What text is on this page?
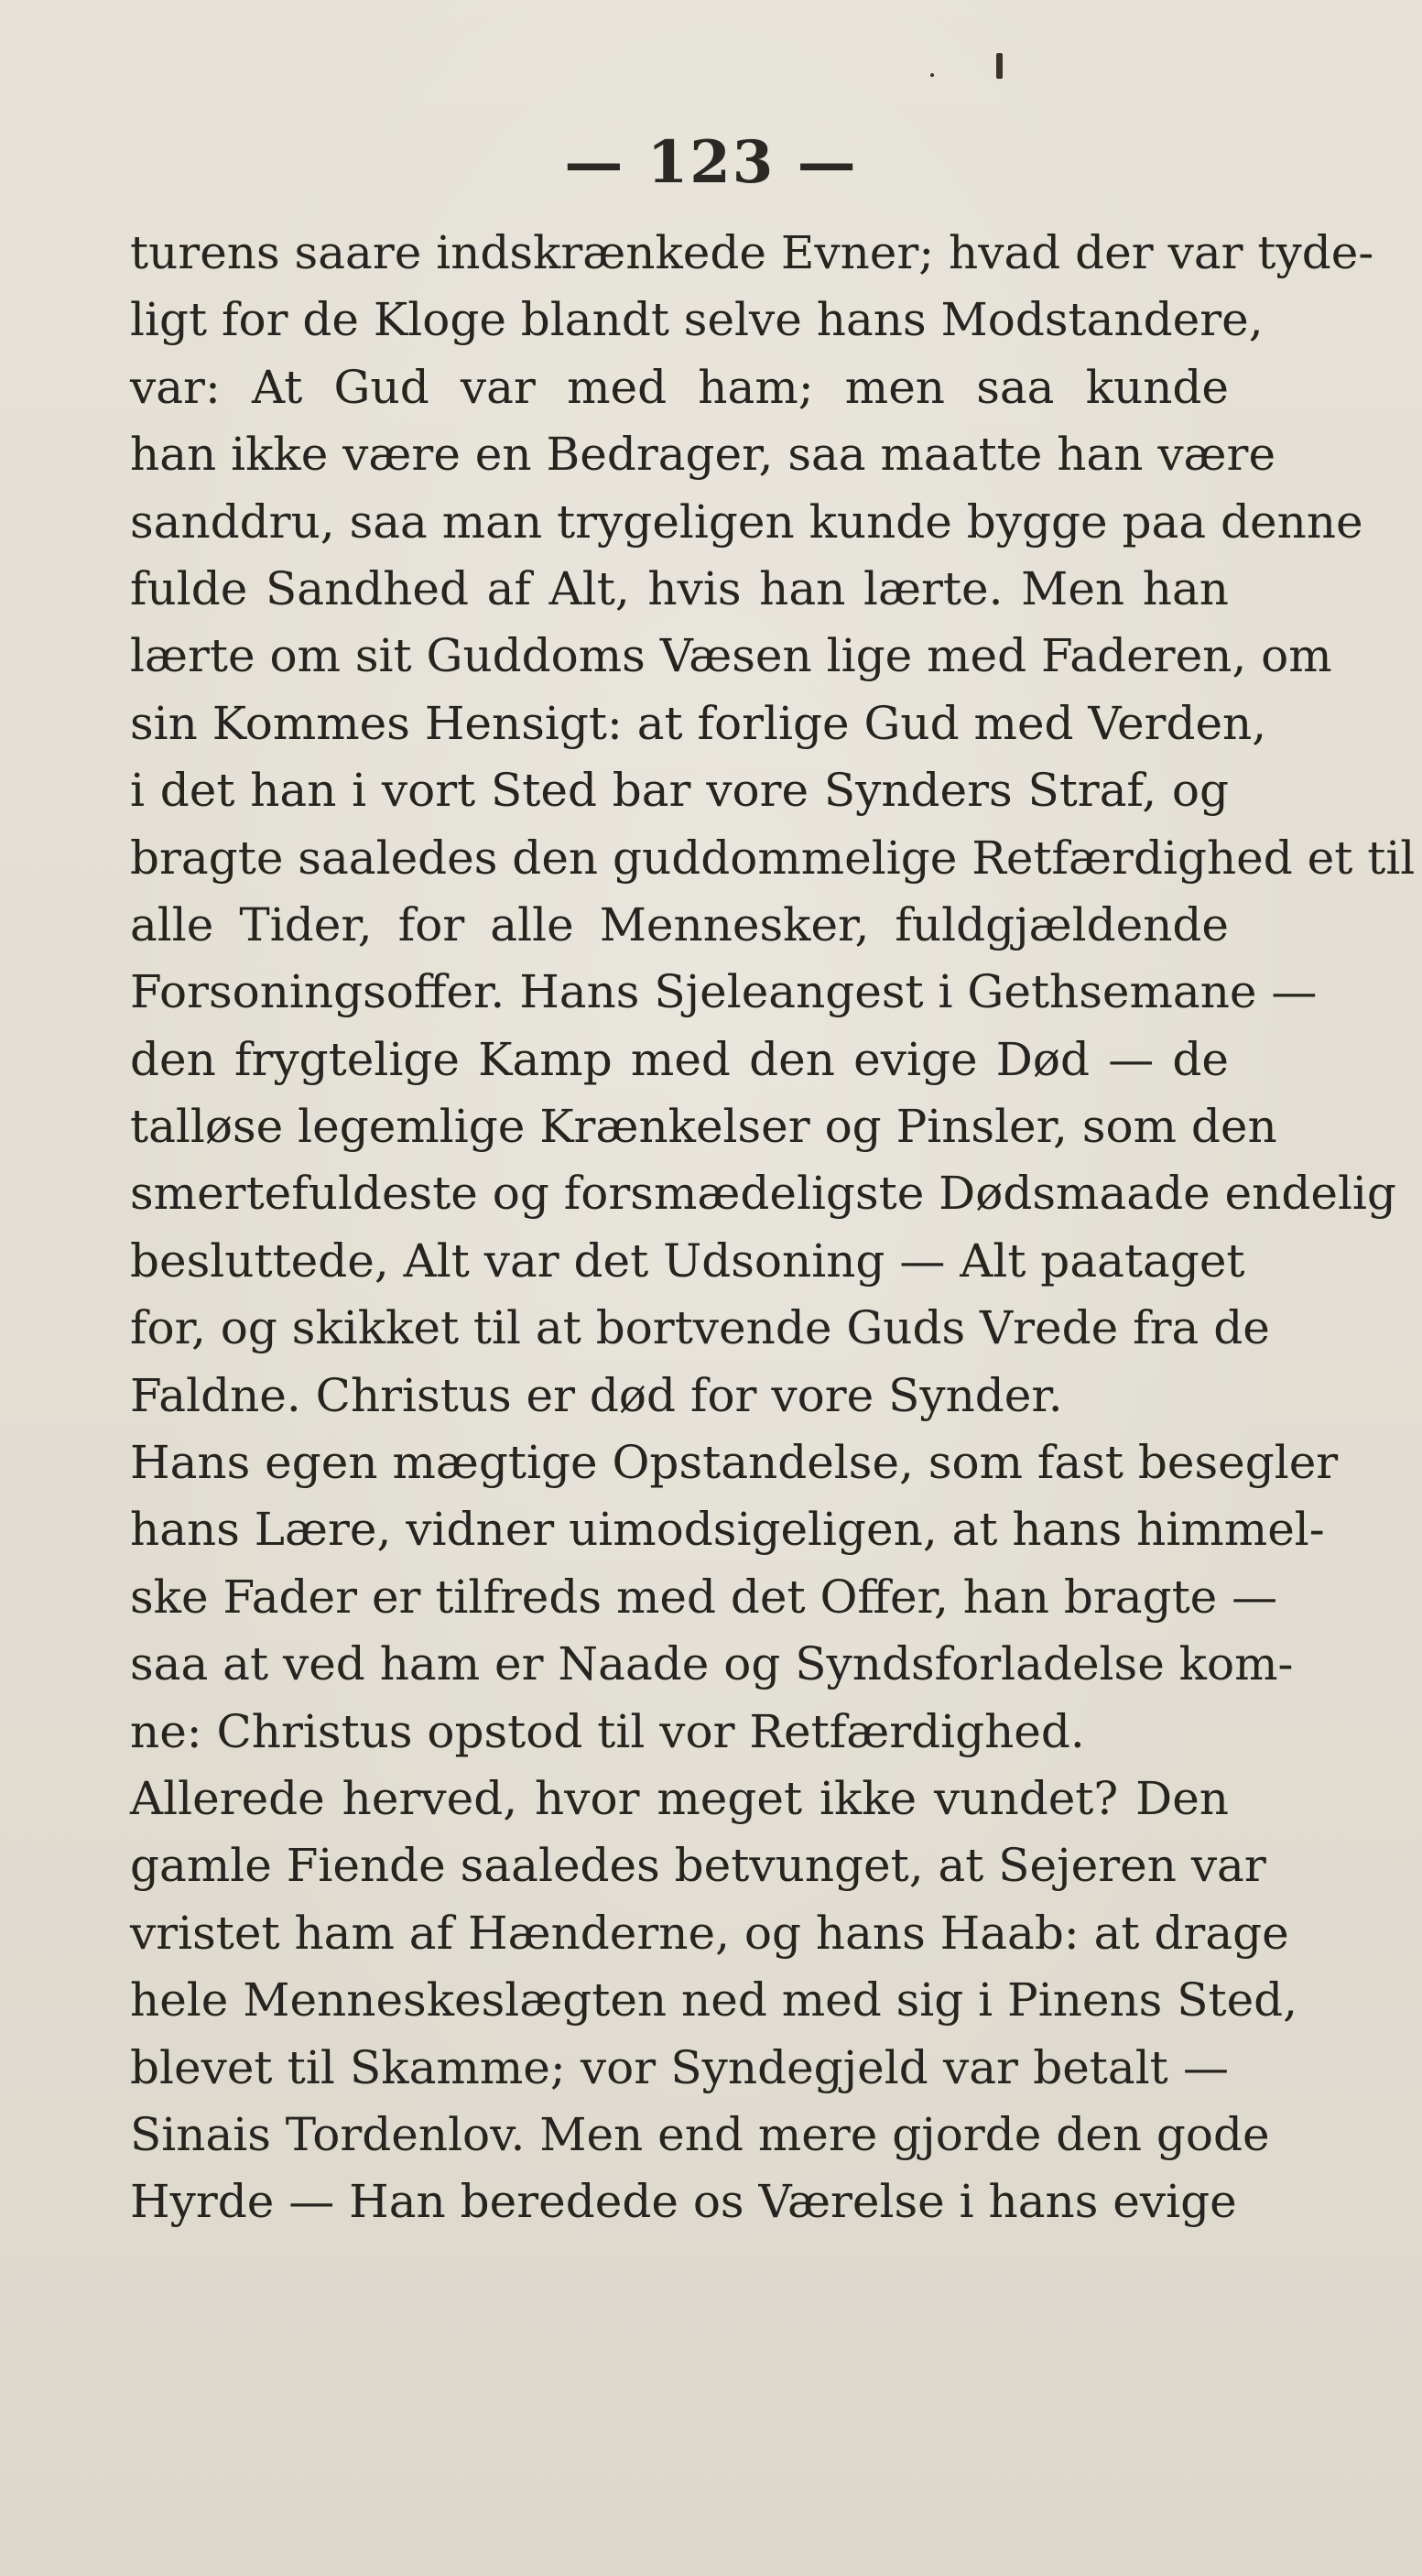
— 123 —
turens saare indskrænkede Evner; hvad der var tyde-
ligt for de Kloge blandt selve hans Modstandere,
var: At Gud var med ham; men saa kunde
han ikke være en Bedrager, saa maatte han være
sanddru, saa man trygeligen kunde bygge paa denne
fulde Sandhed af Alt, hvis han lærte. Men han
lærte om sit Guddoms Væsen lige med Faderen, om
sin Kommes Hensigt: at forlige Gud med Verden,
i det han i vort Sted bar vore Synders Straf, og
bragte saaledes den guddommelige Retfærdighed et til
alle Tider, for alle Mennesker, fuldgjældende
Forsoningsoffer. Hans Sjeleangest i Gethsemane —
den frygtelige Kamp med den evige Død — de
talløse legemlige Krænkelser og Pinsler, som den
smertefuldeste og forsmædeligste Dødsmaade endelig
besluttede, Alt var det Udsoning — Alt paataget
for, og skikket til at bortvende Guds Vrede fra de
Faldne. Christus er død for vore Synder.
Hans egen mægtige Opstandelse, som fast besegler
hans Lære, vidner uimodsigeligen, at hans himmel-
ske Fader er tilfreds med det Offer, han bragte —
saa at ved ham er Naade og Syndsforladelse kom-
ne: Christus opstod til vor Retfærdighed.
Allerede herved, hvor meget ikke vundet? Den
gamle Fiende saaledes betvunget, at Sejeren var
vristet ham af Hænderne, og hans Haab: at drage
hele Menneskeslægten ned med sig i Pinens Sted,
blevet til Skamme; vor Syndegjeld var betalt —
Sinais Tordenlov. Men end mere gjorde den gode
Hyrde — Han beredede os Værelse i hans evige
